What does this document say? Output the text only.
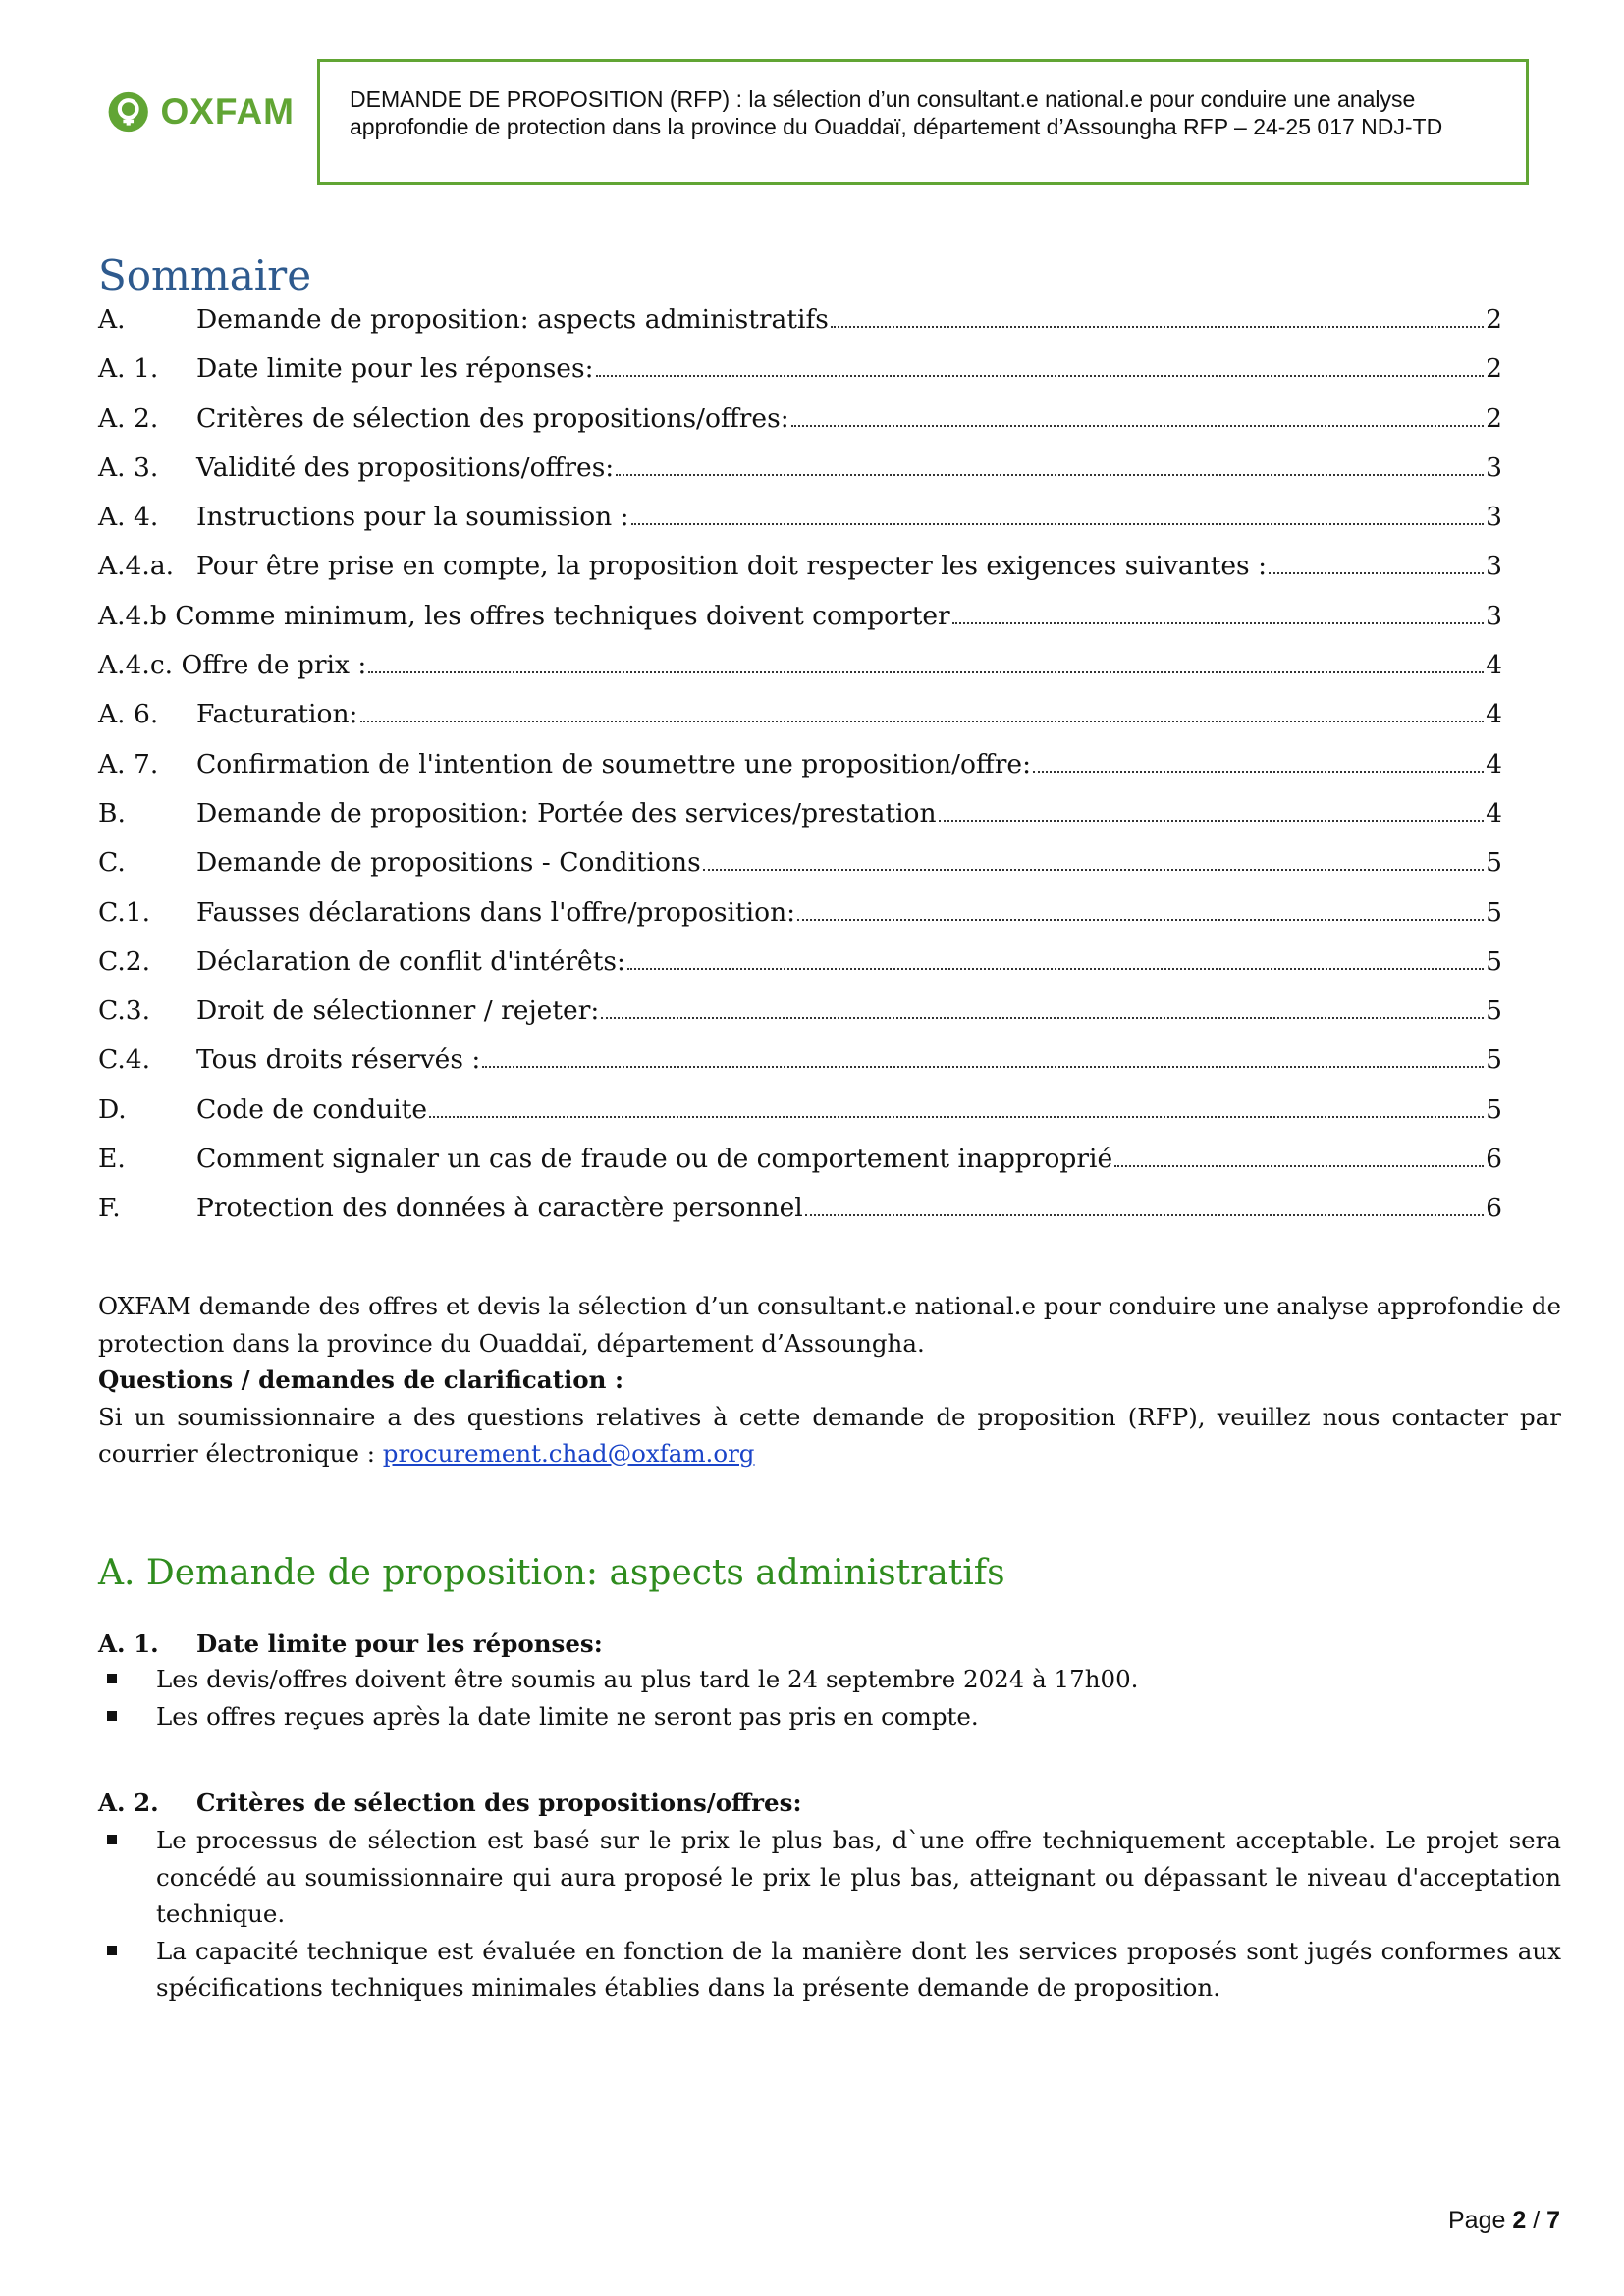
OXFAM DEMANDE DE PROPOSITION (RFP) : la sélection d’un consultant.e national.e pour conduire une analyse approfondie de protection dans la province du Ouaddaï, département d’Assoungha RFP – 24-25 017 NDJ-TD
Sommaire
A.	Demande de proposition: aspects administratifs	2
A. 1.	Date limite pour les réponses:	2
A. 2.	Critères de sélection des propositions/offres:	2
A. 3.	Validité des propositions/offres:	3
A. 4.	Instructions pour la soumission :	3
A.4.a. Pour être prise en compte, la proposition doit respecter les exigences suivantes :	3
A.4.b Comme minimum, les offres techniques doivent comporter	3
A.4.c. Offre de prix :	4
A. 6.	Facturation:	4
A. 7.	Confirmation de l'intention de soumettre une proposition/offre:	4
B.	Demande de proposition: Portée des services/prestation	4
C.	Demande de propositions - Conditions	5
C.1.	Fausses déclarations dans l'offre/proposition:	5
C.2.	Déclaration de conflit d'intérêts:	5
C.3.	Droit de sélectionner / rejeter:	5
C.4.	Tous droits réservés :	5
D.	Code de conduite	5
E.	Comment signaler un cas de fraude ou de comportement inapproprié	6
F.	Protection des données à caractère personnel	6
OXFAM demande des offres et devis la sélection d’un consultant.e national.e pour conduire une analyse approfondie de protection dans la province du Ouaddaï, département d’Assoungha.
Questions / demandes de clarification :
Si un soumissionnaire a des questions relatives à cette demande de proposition (RFP), veuillez nous contacter par courrier électronique : procurement.chad@oxfam.org
A. Demande de proposition: aspects administratifs
A. 1.	Date limite pour les réponses:
Les devis/offres doivent être soumis au plus tard le 24 septembre 2024 à 17h00.
Les offres reçues après la date limite ne seront pas pris en compte.
A. 2.	Critères de sélection des propositions/offres:
Le processus de sélection est basé sur le prix le plus bas, d`une offre techniquement acceptable. Le projet sera concédé au soumissionnaire qui aura proposé le prix le plus bas, atteignant ou dépassant le niveau d'acceptation technique.
La capacité technique est évaluée en fonction de la manière dont les services proposés sont jugés conformes aux spécifications techniques minimales établies dans la présente demande de proposition.
Page 2 / 7
